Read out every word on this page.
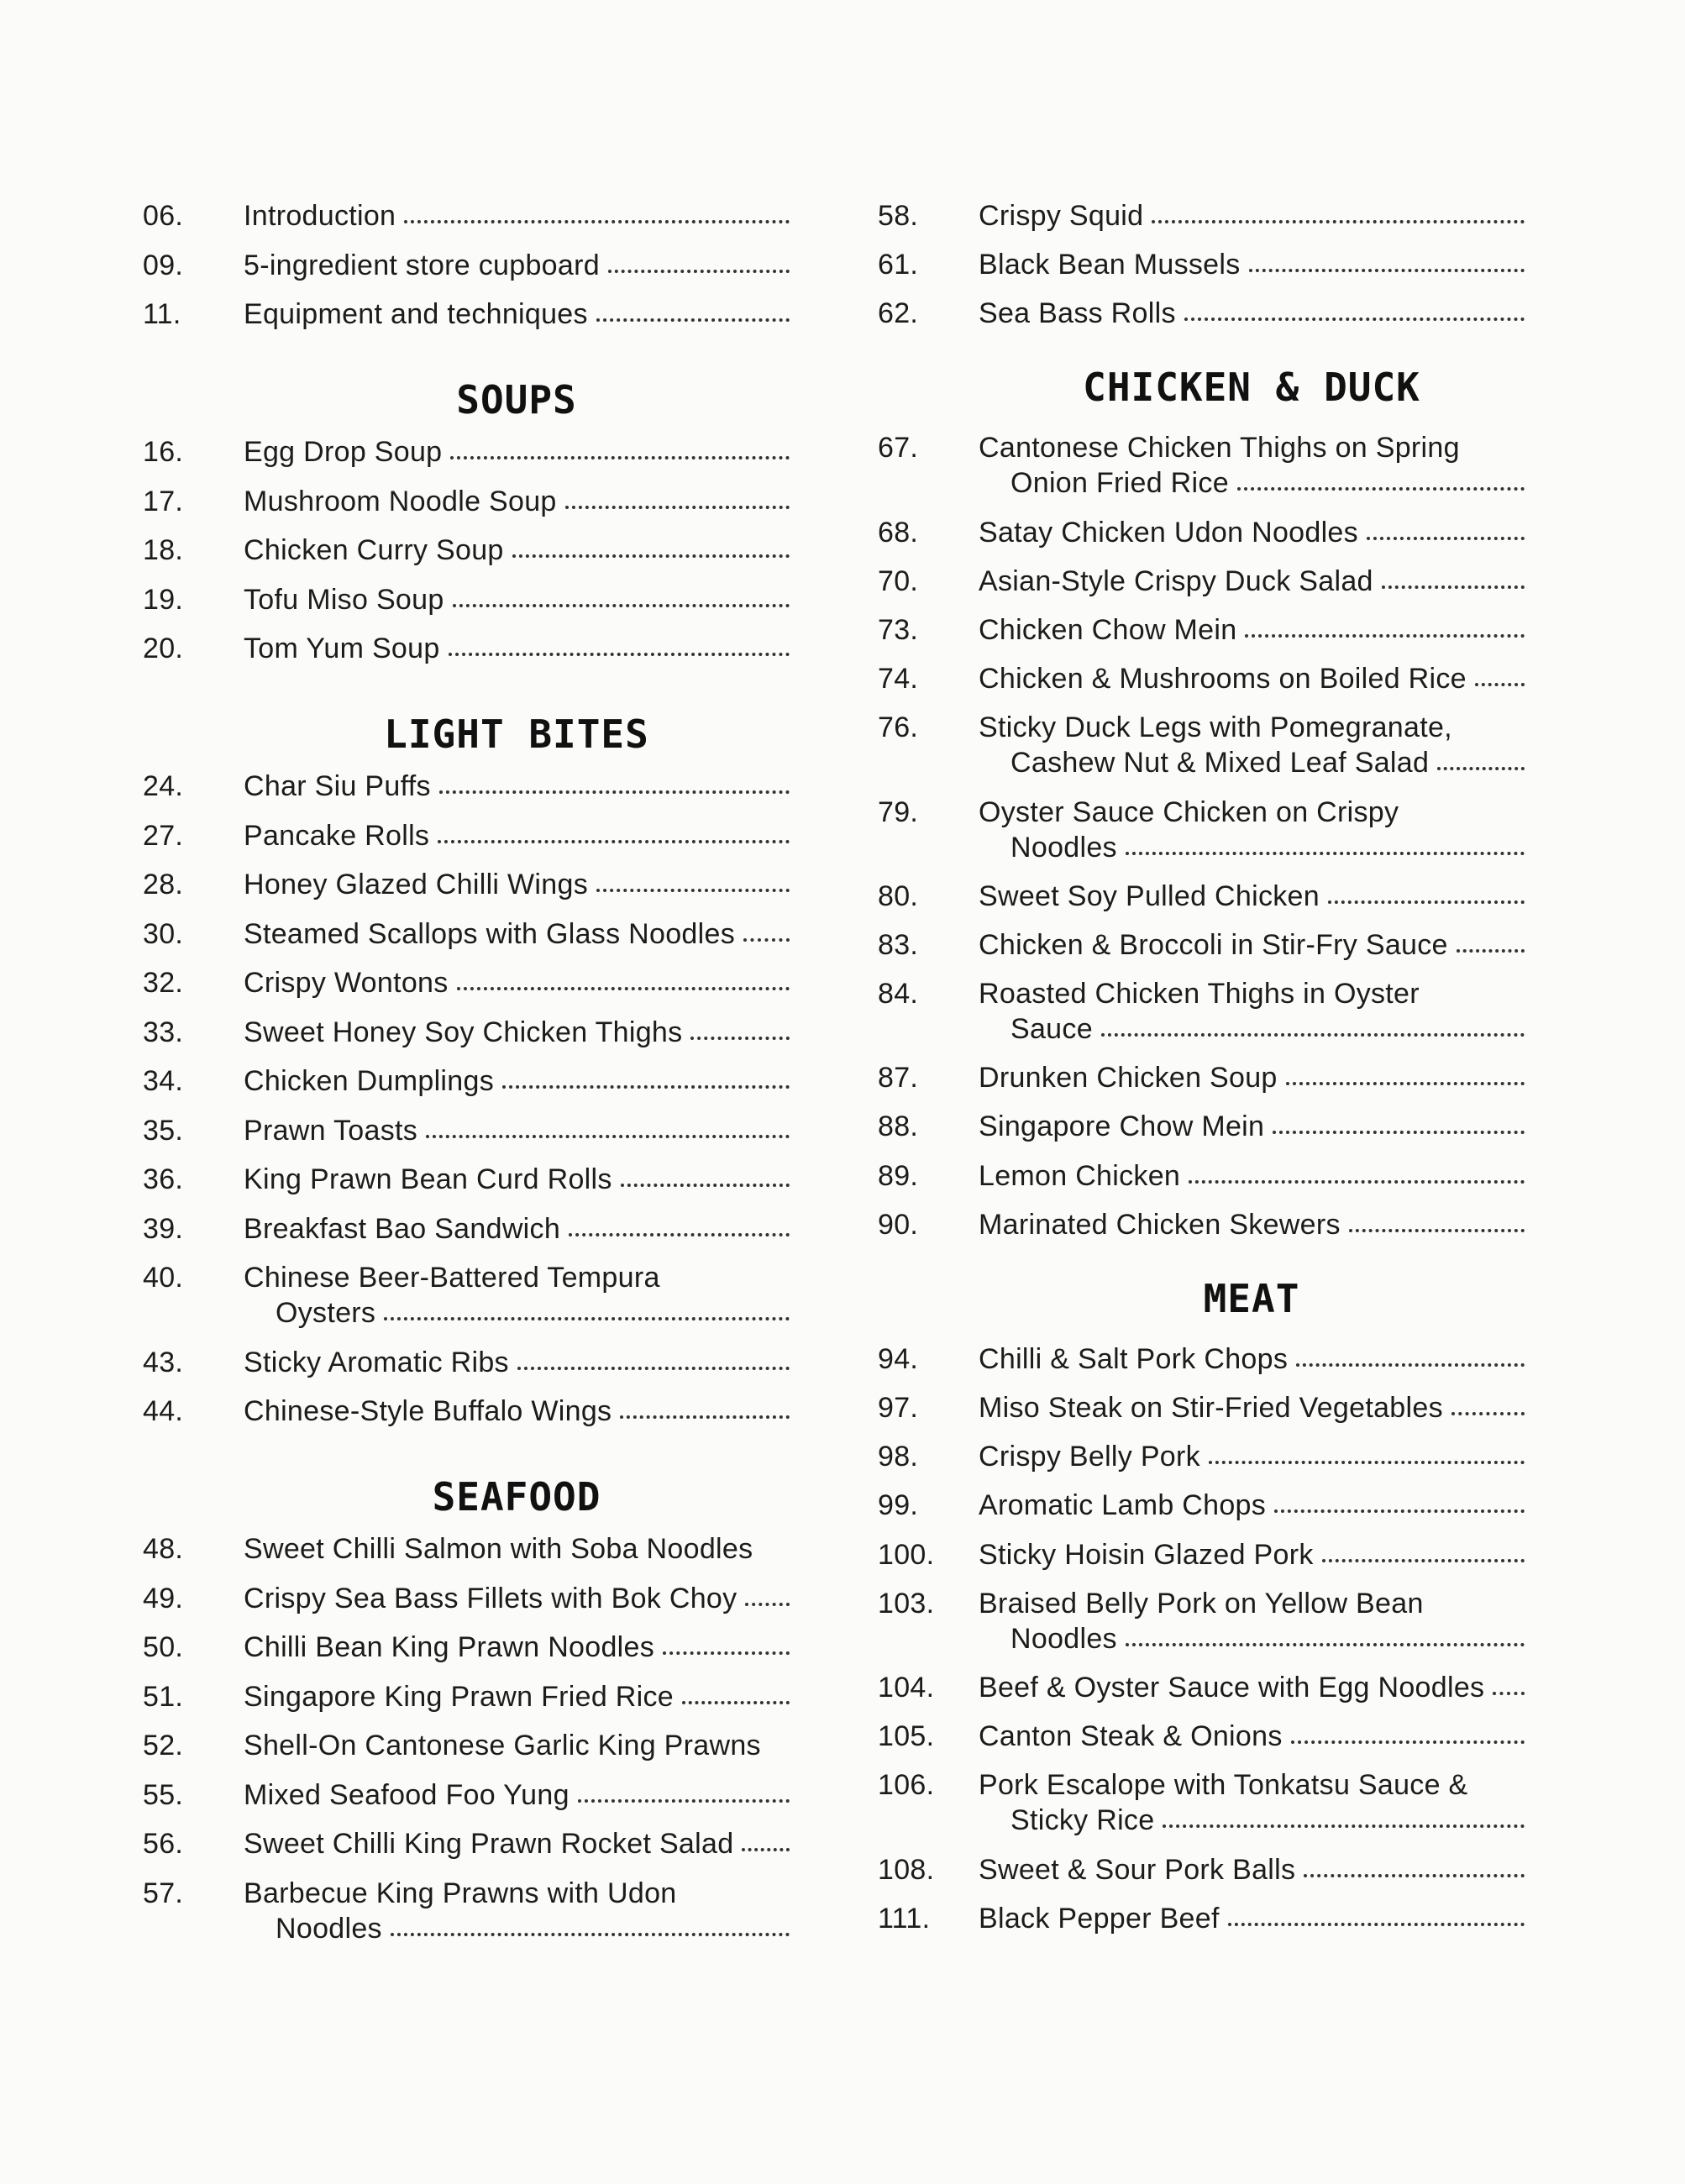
06.	Introduction
09.	5-ingredient store cupboard
11.	Equipment and techniques
SOUPS
16.	Egg Drop Soup
17.	Mushroom Noodle Soup
18.	Chicken Curry Soup
19.	Tofu Miso Soup
20.	Tom Yum Soup
LIGHT BITES
24.	Char Siu Puffs
27.	Pancake Rolls
28.	Honey Glazed Chilli Wings
30.	Steamed Scallops with Glass Noodles
32.	Crispy Wontons
33.	Sweet Honey Soy Chicken Thighs
34.	Chicken Dumplings
35.	Prawn Toasts
36.	King Prawn Bean Curd Rolls
39.	Breakfast Bao Sandwich
40.	Chinese Beer-Battered Tempura
Oysters
43.	Sticky Aromatic Ribs
44.	Chinese-Style Buffalo Wings
SEAFOOD
48.	Sweet Chilli Salmon with Soba Noodles
49.	Crispy Sea Bass Fillets with Bok Choy
50.	Chilli Bean King Prawn Noodles
51.	Singapore King Prawn Fried Rice
52.	Shell-On Cantonese Garlic King Prawns
55.	Mixed Seafood Foo Yung
56.	Sweet Chilli King Prawn Rocket Salad
57.	Barbecue King Prawns with Udon
Noodles
58.	Crispy Squid
61.	Black Bean Mussels
62.	Sea Bass Rolls
CHICKEN & DUCK
67.	Cantonese Chicken Thighs on Spring
Onion Fried Rice
68.	Satay Chicken Udon Noodles
70.	Asian-Style Crispy Duck Salad
73.	Chicken Chow Mein
74.	Chicken & Mushrooms on Boiled Rice
76.	Sticky Duck Legs with Pomegranate,
Cashew Nut & Mixed Leaf Salad
79.	Oyster Sauce Chicken on Crispy
Noodles
80.	Sweet Soy Pulled Chicken
83.	Chicken & Broccoli in Stir-Fry Sauce
84.	Roasted Chicken Thighs in Oyster
Sauce
87.	Drunken Chicken Soup
88.	Singapore Chow Mein
89.	Lemon Chicken
90.	Marinated Chicken Skewers
MEAT
94.	Chilli & Salt Pork Chops
97.	Miso Steak on Stir-Fried Vegetables
98.	Crispy Belly Pork
99.	Aromatic Lamb Chops
100.	Sticky Hoisin Glazed Pork
103.	Braised Belly Pork on Yellow Bean
Noodles
104.	Beef & Oyster Sauce with Egg Noodles
105.	Canton Steak & Onions
106.	Pork Escalope with Tonkatsu Sauce &
Sticky Rice
108.	Sweet & Sour Pork Balls
111.	Black Pepper Beef
